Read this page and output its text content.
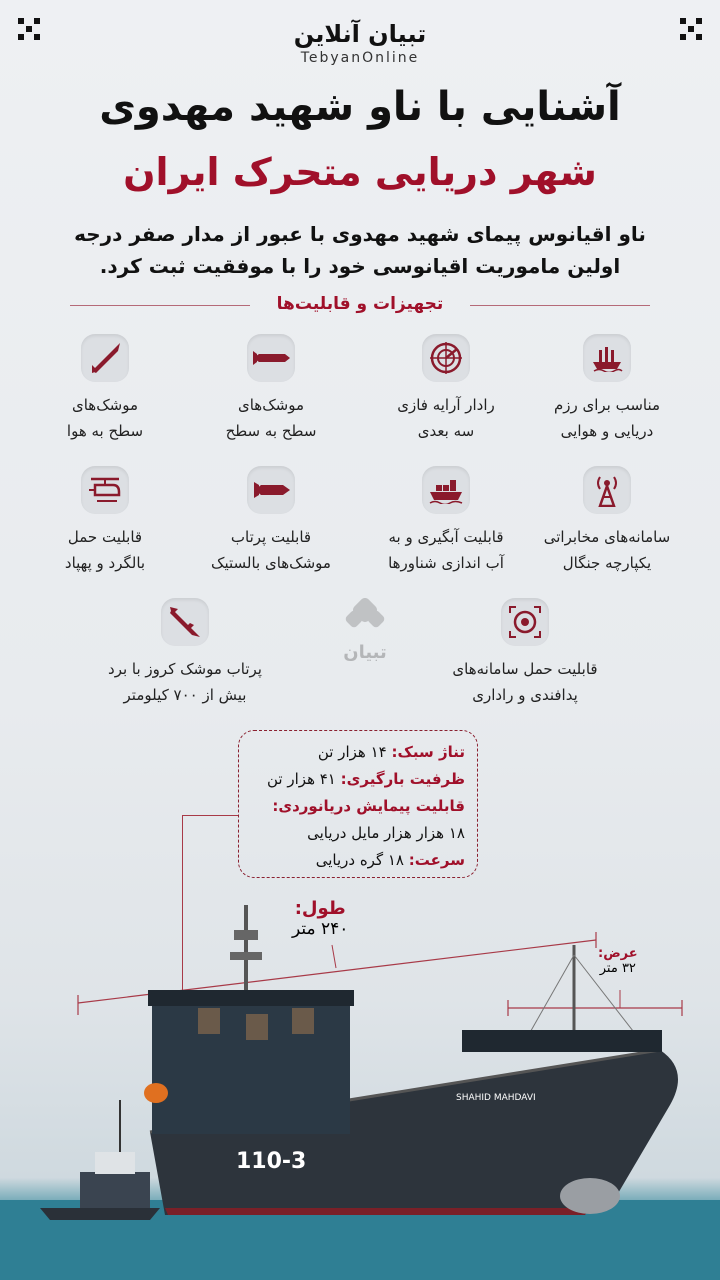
تبیان آنلاین
TebyanOnline
آشنایی با ناو شهید مهدوی
شهر دریایی متحرک ایران
ناو اقیانوس پیمای شهید مهدوی با عبور از مدار صفر درجه اولین ماموریت اقیانوسی خود را با موفقیت ثبت کرد.
تجهیزات و قابلیت‌ها
مناسب برای رزم
دریایی و هوایی
رادار آرایه فازی
سه بعدی
موشک‌های
سطح به سطح
موشک‌های
سطح به هوا
سامانه‌های مخابراتی
یکپارچه جنگال
قابلیت آبگیری و به
آب اندازی شناورها
قابلیت پرتاب
موشک‌های بالستیک
قابلیت حمل
بالگرد و پهپاد
قابلیت حمل سامانه‌های
پدافندی و راداری
پرتاب موشک کروز با برد
بیش از ۷۰۰ کیلومتر
تبیان
تناژ سبک: ۱۴ هزار تن
ظرفیت بارگیری: ۴۱ هزار تن
قابلیت پیمایش دریانوردی:
۱۸ هزار هزار مایل دریایی
سرعت: ۱۸ گره دریایی
طول:
۲۴۰ متر
عرض:
۳۲ متر
110-3
SHAHID MAHDAVI
